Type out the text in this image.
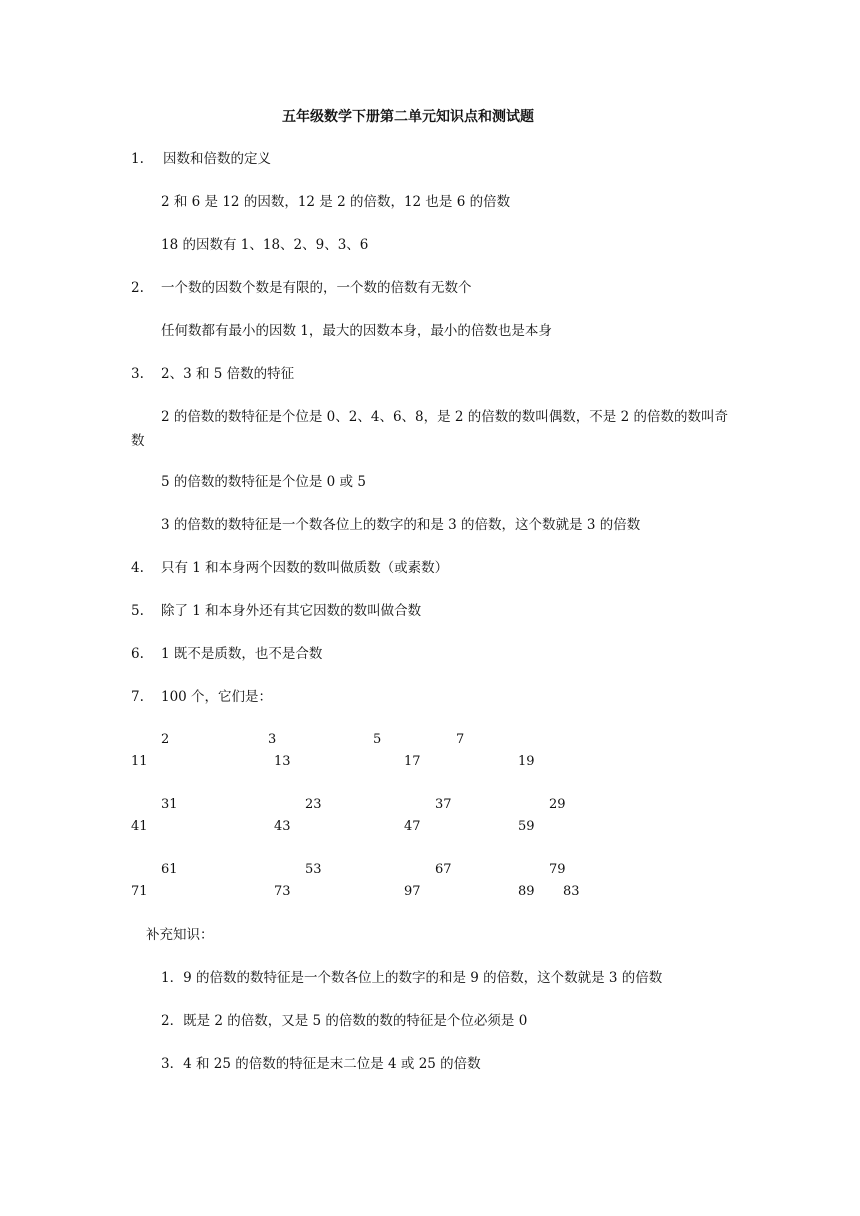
五年级数学下册第二单元知识点和测试题
1. 因数和倍数的定义
2 和 6 是 12 的因数，12 是 2 的倍数，12 也是 6 的倍数
18 的因数有 1、18、2、9、3、6
2. 一个数的因数个数是有限的，一个数的倍数有无数个
任何数都有最小的因数 1，最大的因数本身，最小的倍数也是本身
3. 2、3 和 5 倍数的特征
2 的倍数的数特征是个位是 0、2、4、6、8，是 2 的倍数的数叫偶数，不是 2 的倍数的数叫奇数
5 的倍数的数特征是个位是 0 或 5
3 的倍数的数特征是一个数各位上的数字的和是 3 的倍数，这个数就是 3 的倍数
4. 只有 1 和本身两个因数的数叫做质数（或素数）
5. 除了 1 和本身外还有其它因数的数叫做合数
6. 1 既不是质数，也不是合数
7. 100 个，它们是：
2	3	5	7
11	13	17	19
31	23	37	29
41	43	47	59
61	53	67	79
71	73	97	89 83
补充知识：
1．9 的倍数的数特征是一个数各位上的数字的和是 9 的倍数，这个数就是 3 的倍数
2．既是 2 的倍数，又是 5 的倍数的数的特征是个位必须是 0
3．4 和 25 的倍数的特征是末二位是 4 或 25 的倍数
